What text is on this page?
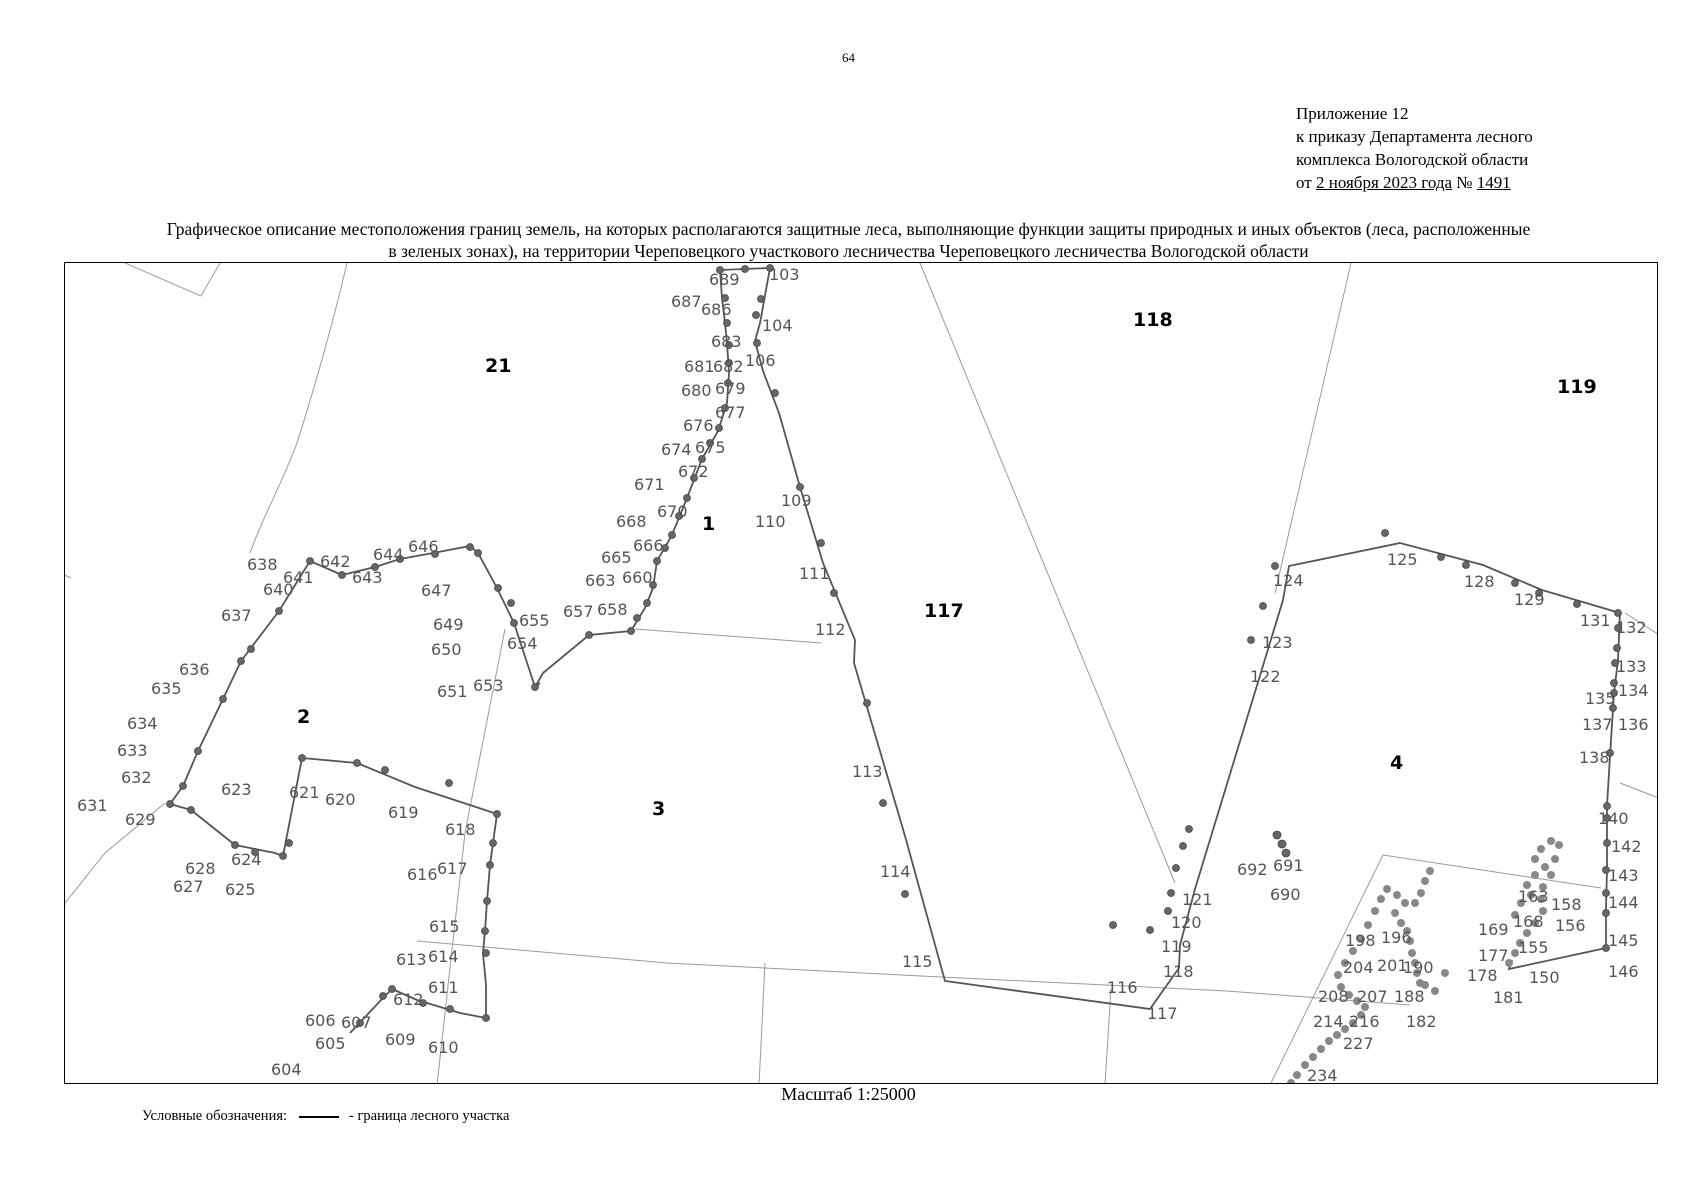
64
Приложение 12
к приказу Департамента лесного
комплекса Вологодской области
от 2 ноября 2023 года № 1491
Графическое описание местоположения границ земель, на которых располагаются защитные леса, выполняющие функции защиты природных и иных объектов (леса, расположенные
в зеленых зонах), на территории Череповецкого участкового лесничества Череповецкого лесничества Вологодской области
689 103
687 686
104
683
106
681
682
680 679
677
676
674 675
672
671
670
668
666
665
663 660
657 658
655
654
109
110
111
112
113
114
115
116
117
118
119
120
121
122
123
124
125
128
129
131 132
133
134
135
136
137
138
140
142
143
144
145
146
150
155
156
158
163
168
169
177
178
181
182
188
190
196
198
201
204
207
208
214 216
227
234
692 691
690
638
641
642 644 646
640
643
647
637	649
650
636
635	651 653
634
633
632
631
629
623 621 620
619
618
628 624
627 625
616 617
615
613 614
611
612
606 607
609 610
605
604
21
118
119
117
1
2
3
4
Масштаб 1:25000
Условные обозначения:	- граница лесного участка
